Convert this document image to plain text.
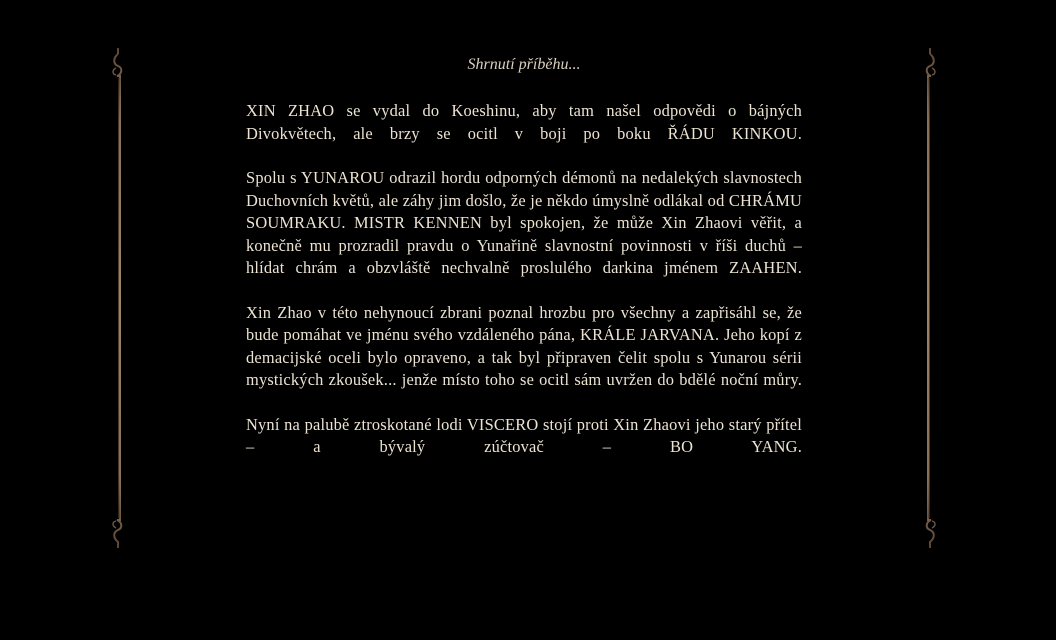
Shrnutí příběhu...

XIN ZHAO se vydal do Koeshinu, aby tam našel odpovědi o bájných Divokvětech, ale brzy se ocitl v boji po boku ŘÁDU KINKOU.

Spolu s YUNAROU odrazil hordu odporných démonů na nedalekých slavnostech Duchovních květů, ale záhy jim došlo, že je někdo úmyslně odlákal od CHRÁMU SOUMRAKU. MISTR KENNEN byl spokojen, že může Xin Zhaovi věřit, a konečně mu prozradil pravdu o Yunařině slavnostní povinnosti v říši duchů – hlídat chrám a obzvláště nechvalně proslulého darkina jménem ZAAHEN.

Xin Zhao v této nehynoucí zbrani poznal hrozbu pro všechny a zapřisáhl se, že bude pomáhat ve jménu svého vzdáleného pána, KRÁLE JARVANA. Jeho kopí z demacijské oceli bylo opraveno, a tak byl připraven čelit spolu s Yunarou sérii mystických zkoušek... jenže místo toho se ocitl sám uvržen do bdělé noční můry.

Nyní na palubě ztroskotané lodi VISCERO stojí proti Xin Zhaovi jeho starý přítel – a bývalý zúčtovač – BO YANG.
